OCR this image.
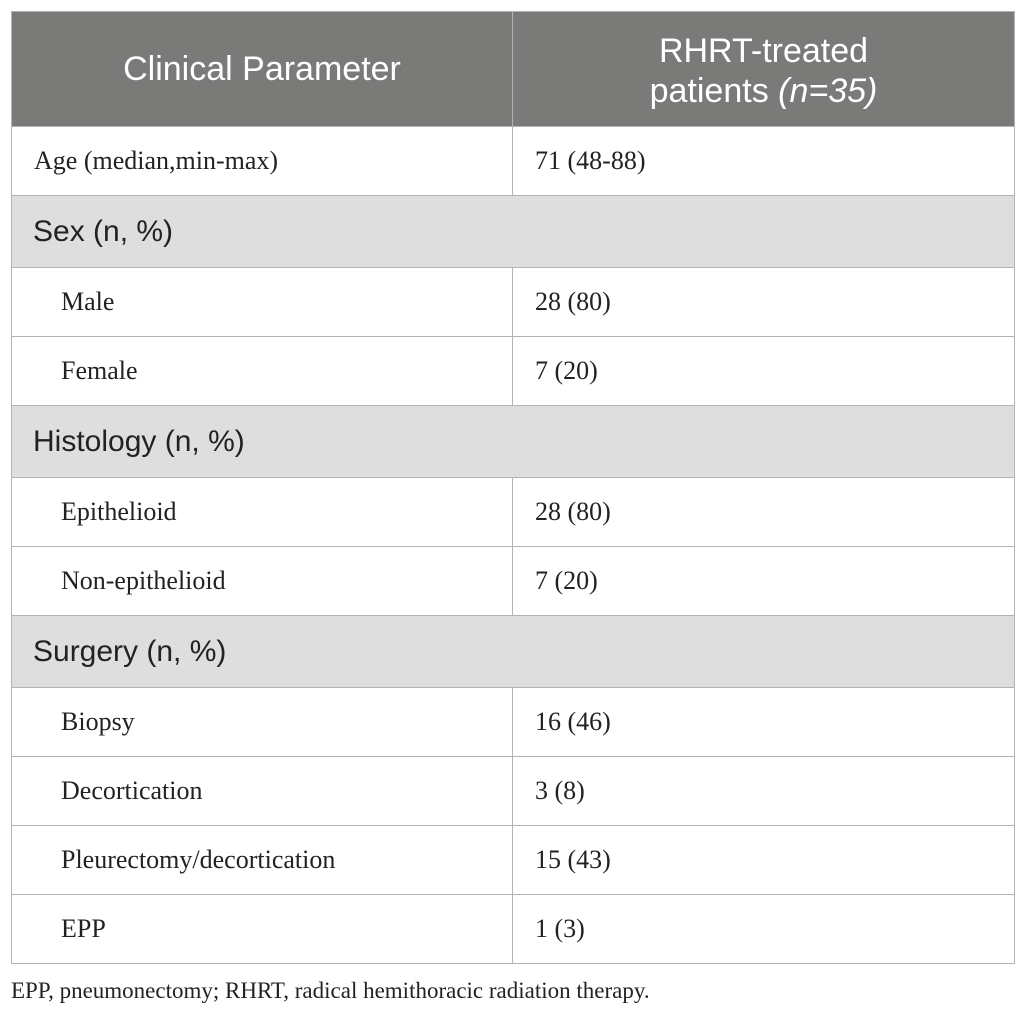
Clinical Parameter	RHRT-treated
patients (n=35)
Age (median,min-max)	71 (48-88)
Sex (n, %)	
Male	28 (80)
Female	7 (20)
Histology (n, %)	
Epithelioid	28 (80)
Non-epithelioid	7 (20)
Surgery (n, %)	
Biopsy	16 (46)
Decortication	3 (8)
Pleurectomy/decortication	15 (43)
EPP	1 (3)
EPP, pneumonectomy; RHRT, radical hemithoracic radiation therapy.
